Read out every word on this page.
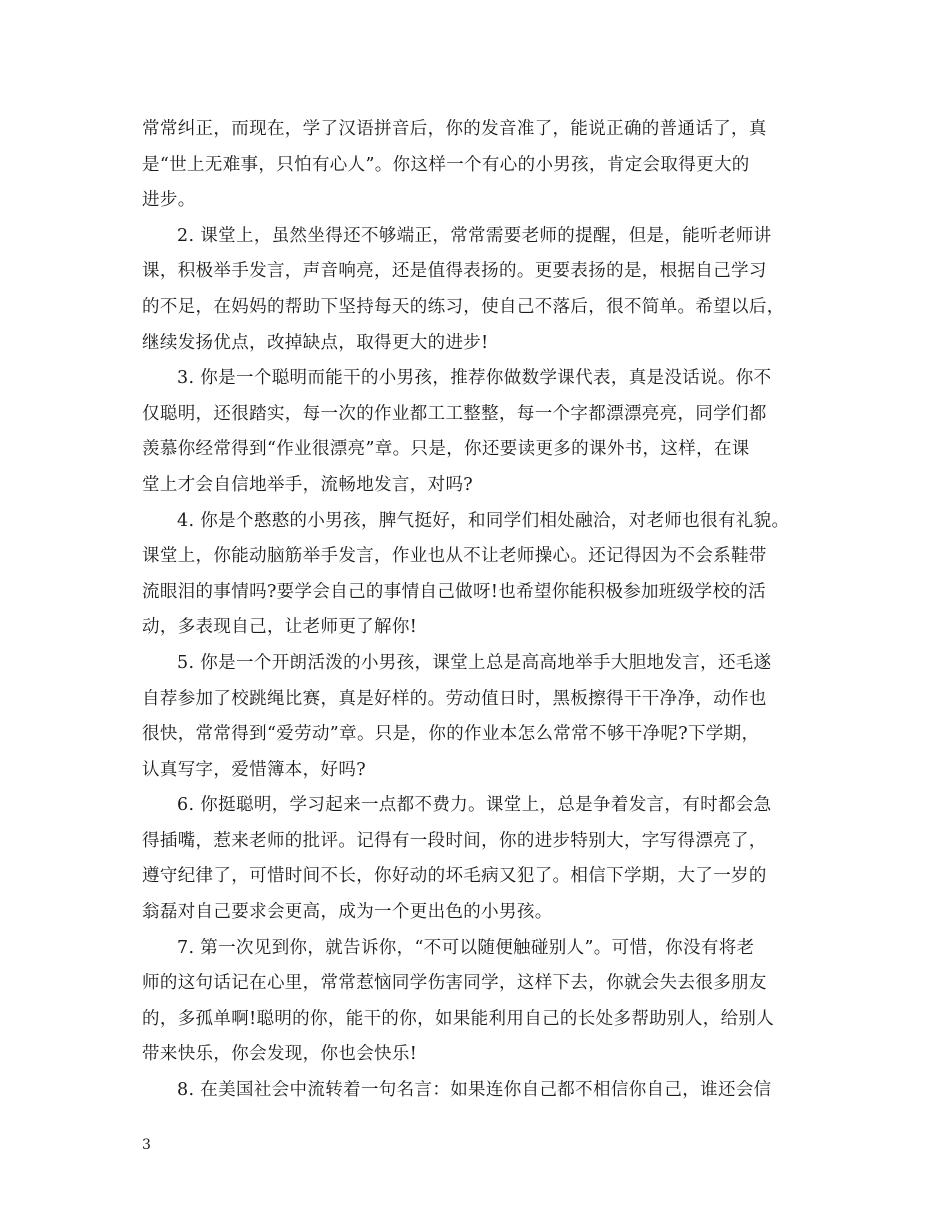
常常纠正，而现在，学了汉语拼音后，你的发音准了，能说正确的普通话了，真
是“世上无难事，只怕有心人”。你这样一个有心的小男孩，肯定会取得更大的
进步。
2. 课堂上，虽然坐得还不够端正，常常需要老师的提醒，但是，能听老师讲
课，积极举手发言，声音响亮，还是值得表扬的。更要表扬的是，根据自己学习
的不足，在妈妈的帮助下坚持每天的练习，使自己不落后，很不简单。希望以后，
继续发扬优点，改掉缺点，取得更大的进步!
3. 你是一个聪明而能干的小男孩，推荐你做数学课代表，真是没话说。你不
仅聪明，还很踏实，每一次的作业都工工整整，每一个字都漂漂亮亮，同学们都
羡慕你经常得到“作业很漂亮”章。只是，你还要读更多的课外书，这样，在课
堂上才会自信地举手，流畅地发言，对吗?
4. 你是个憨憨的小男孩，脾气挺好，和同学们相处融洽，对老师也很有礼貌。
课堂上，你能动脑筋举手发言，作业也从不让老师操心。还记得因为不会系鞋带
流眼泪的事情吗?要学会自己的事情自己做呀!也希望你能积极参加班级学校的活
动，多表现自己，让老师更了解你!
5. 你是一个开朗活泼的小男孩，课堂上总是高高地举手大胆地发言，还毛遂
自荐参加了校跳绳比赛，真是好样的。劳动值日时，黑板擦得干干净净，动作也
很快，常常得到“爱劳动”章。只是，你的作业本怎么常常不够干净呢?下学期，
认真写字，爱惜簿本，好吗?
6. 你挺聪明，学习起来一点都不费力。课堂上，总是争着发言，有时都会急
得插嘴，惹来老师的批评。记得有一段时间，你的进步特别大，字写得漂亮了，
遵守纪律了，可惜时间不长，你好动的坏毛病又犯了。相信下学期，大了一岁的
翁磊对自己要求会更高，成为一个更出色的小男孩。
7. 第一次见到你，就告诉你，“不可以随便触碰别人”。可惜，你没有将老
师的这句话记在心里，常常惹恼同学伤害同学，这样下去，你就会失去很多朋友
的，多孤单啊!聪明的你，能干的你，如果能利用自己的长处多帮助别人，给别人
带来快乐，你会发现，你也会快乐!
8. 在美国社会中流转着一句名言：如果连你自己都不相信你自己，谁还会信
3
